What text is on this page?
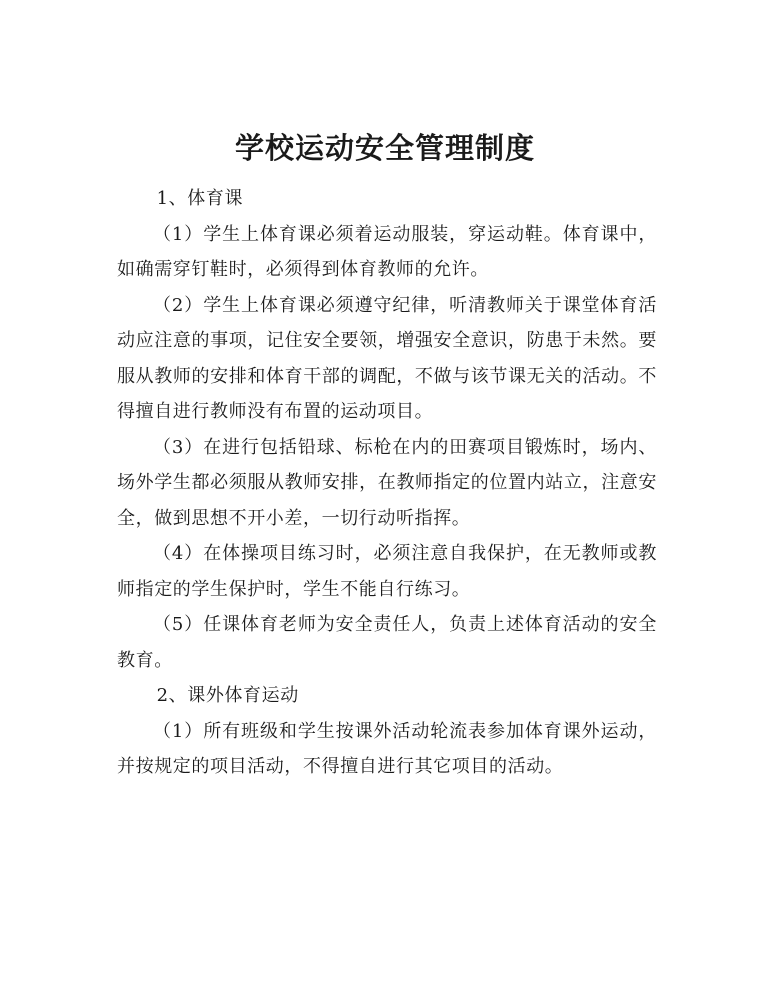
学校运动安全管理制度

1、体育课

（1）学生上体育课必须着运动服装，穿运动鞋。体育课中，如确需穿钉鞋时，必须得到体育教师的允许。

（2）学生上体育课必须遵守纪律，听清教师关于课堂体育活动应注意的事项，记住安全要领，增强安全意识，防患于未然。要服从教师的安排和体育干部的调配，不做与该节课无关的活动。不得擅自进行教师没有布置的运动项目。

（3）在进行包括铅球、标枪在内的田赛项目锻炼时，场内、场外学生都必须服从教师安排，在教师指定的位置内站立，注意安全，做到思想不开小差，一切行动听指挥。

（4）在体操项目练习时，必须注意自我保护，在无教师或教师指定的学生保护时，学生不能自行练习。

（5）任课体育老师为安全责任人，负责上述体育活动的安全教育。

2、课外体育运动

（1）所有班级和学生按课外活动轮流表参加体育课外运动，并按规定的项目活动，不得擅自进行其它项目的活动。
